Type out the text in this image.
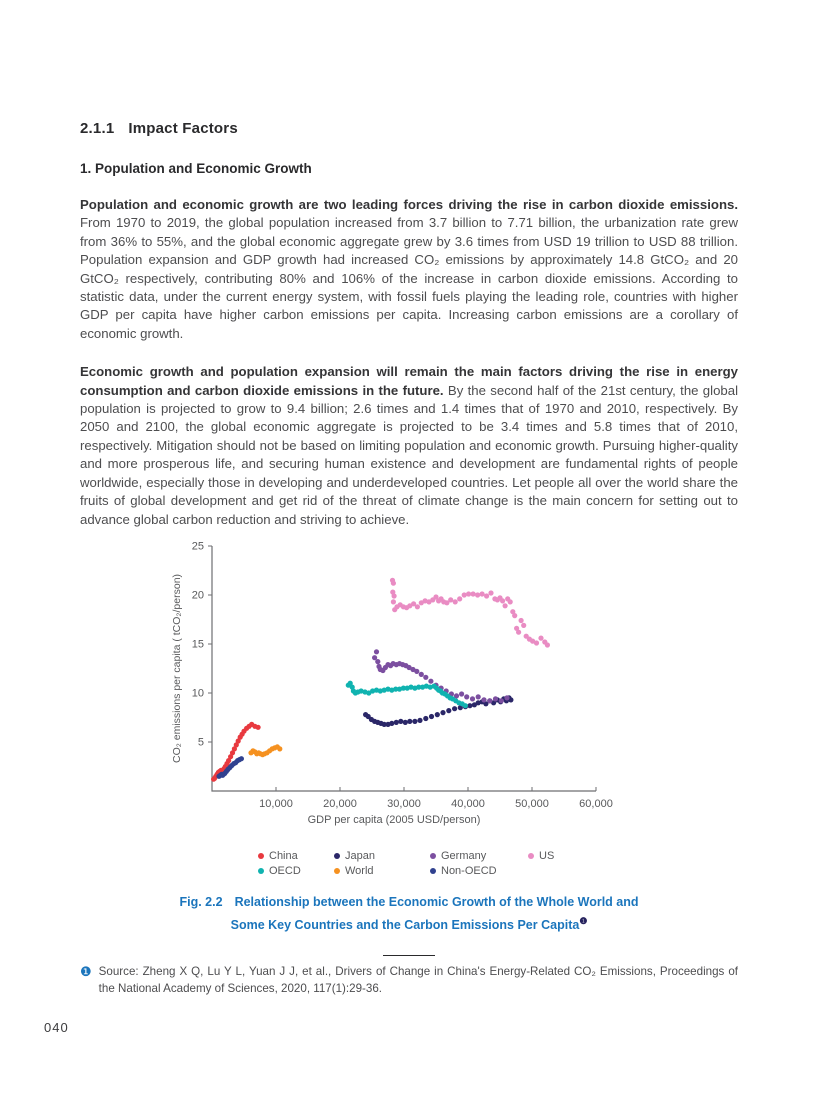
2.1.1 Impact Factors
1. Population and Economic Growth

Population and economic growth are two leading forces driving the rise in carbon dioxide emissions. From 1970 to 2019, the global population increased from 3.7 billion to 7.71 billion, the urbanization rate grew from 36% to 55%, and the global economic aggregate grew by 3.6 times from USD 19 trillion to USD 88 trillion. Population expansion and GDP growth had increased CO₂ emissions by approximately 14.8 GtCO₂ and 20 GtCO₂ respectively, contributing 80% and 106% of the increase in carbon dioxide emissions. According to statistic data, under the current energy system, with fossil fuels playing the leading role, countries with higher GDP per capita have higher carbon emissions per capita. Increasing carbon emissions are a corollary of economic growth.

Economic growth and population expansion will remain the main factors driving the rise in energy consumption and carbon dioxide emissions in the future. By the second half of the 21st century, the global population is projected to grow to 9.4 billion; 2.6 times and 1.4 times that of 1970 and 2010, respectively. By 2050 and 2100, the global economic aggregate is projected to be 3.4 times and 5.8 times that of 2010, respectively. Mitigation should not be based on limiting population and economic growth. Pursuing higher-quality and more prosperous life, and securing human existence and development are fundamental rights of people worldwide, especially those in developing and underdeveloped countries. Let people all over the world share the fruits of global development and get rid of the threat of climate change is the main concern for setting out to advance global carbon reduction and striving to achieve.

5
10
15
20
25
10,000	20,000	30,000	40,000	50,000	60,000
GDP per capita (2005 USD/person)
CO₂ emissions per capita ( tCO₂/person)
China	Japan	Germany	US
OECD	World	Non-OECD
Fig. 2.2 Relationship between the Economic Growth of the Whole World and
Some Key Countries and the Carbon Emissions Per Capita$^❶$
❶ Source: Zheng X Q, Lu Y L, Yuan J J, et al., Drivers of Change in China's Energy-Related CO₂ Emissions, Proceedings of the National Academy of Sciences, 2020, 117(1):29-36.
040
